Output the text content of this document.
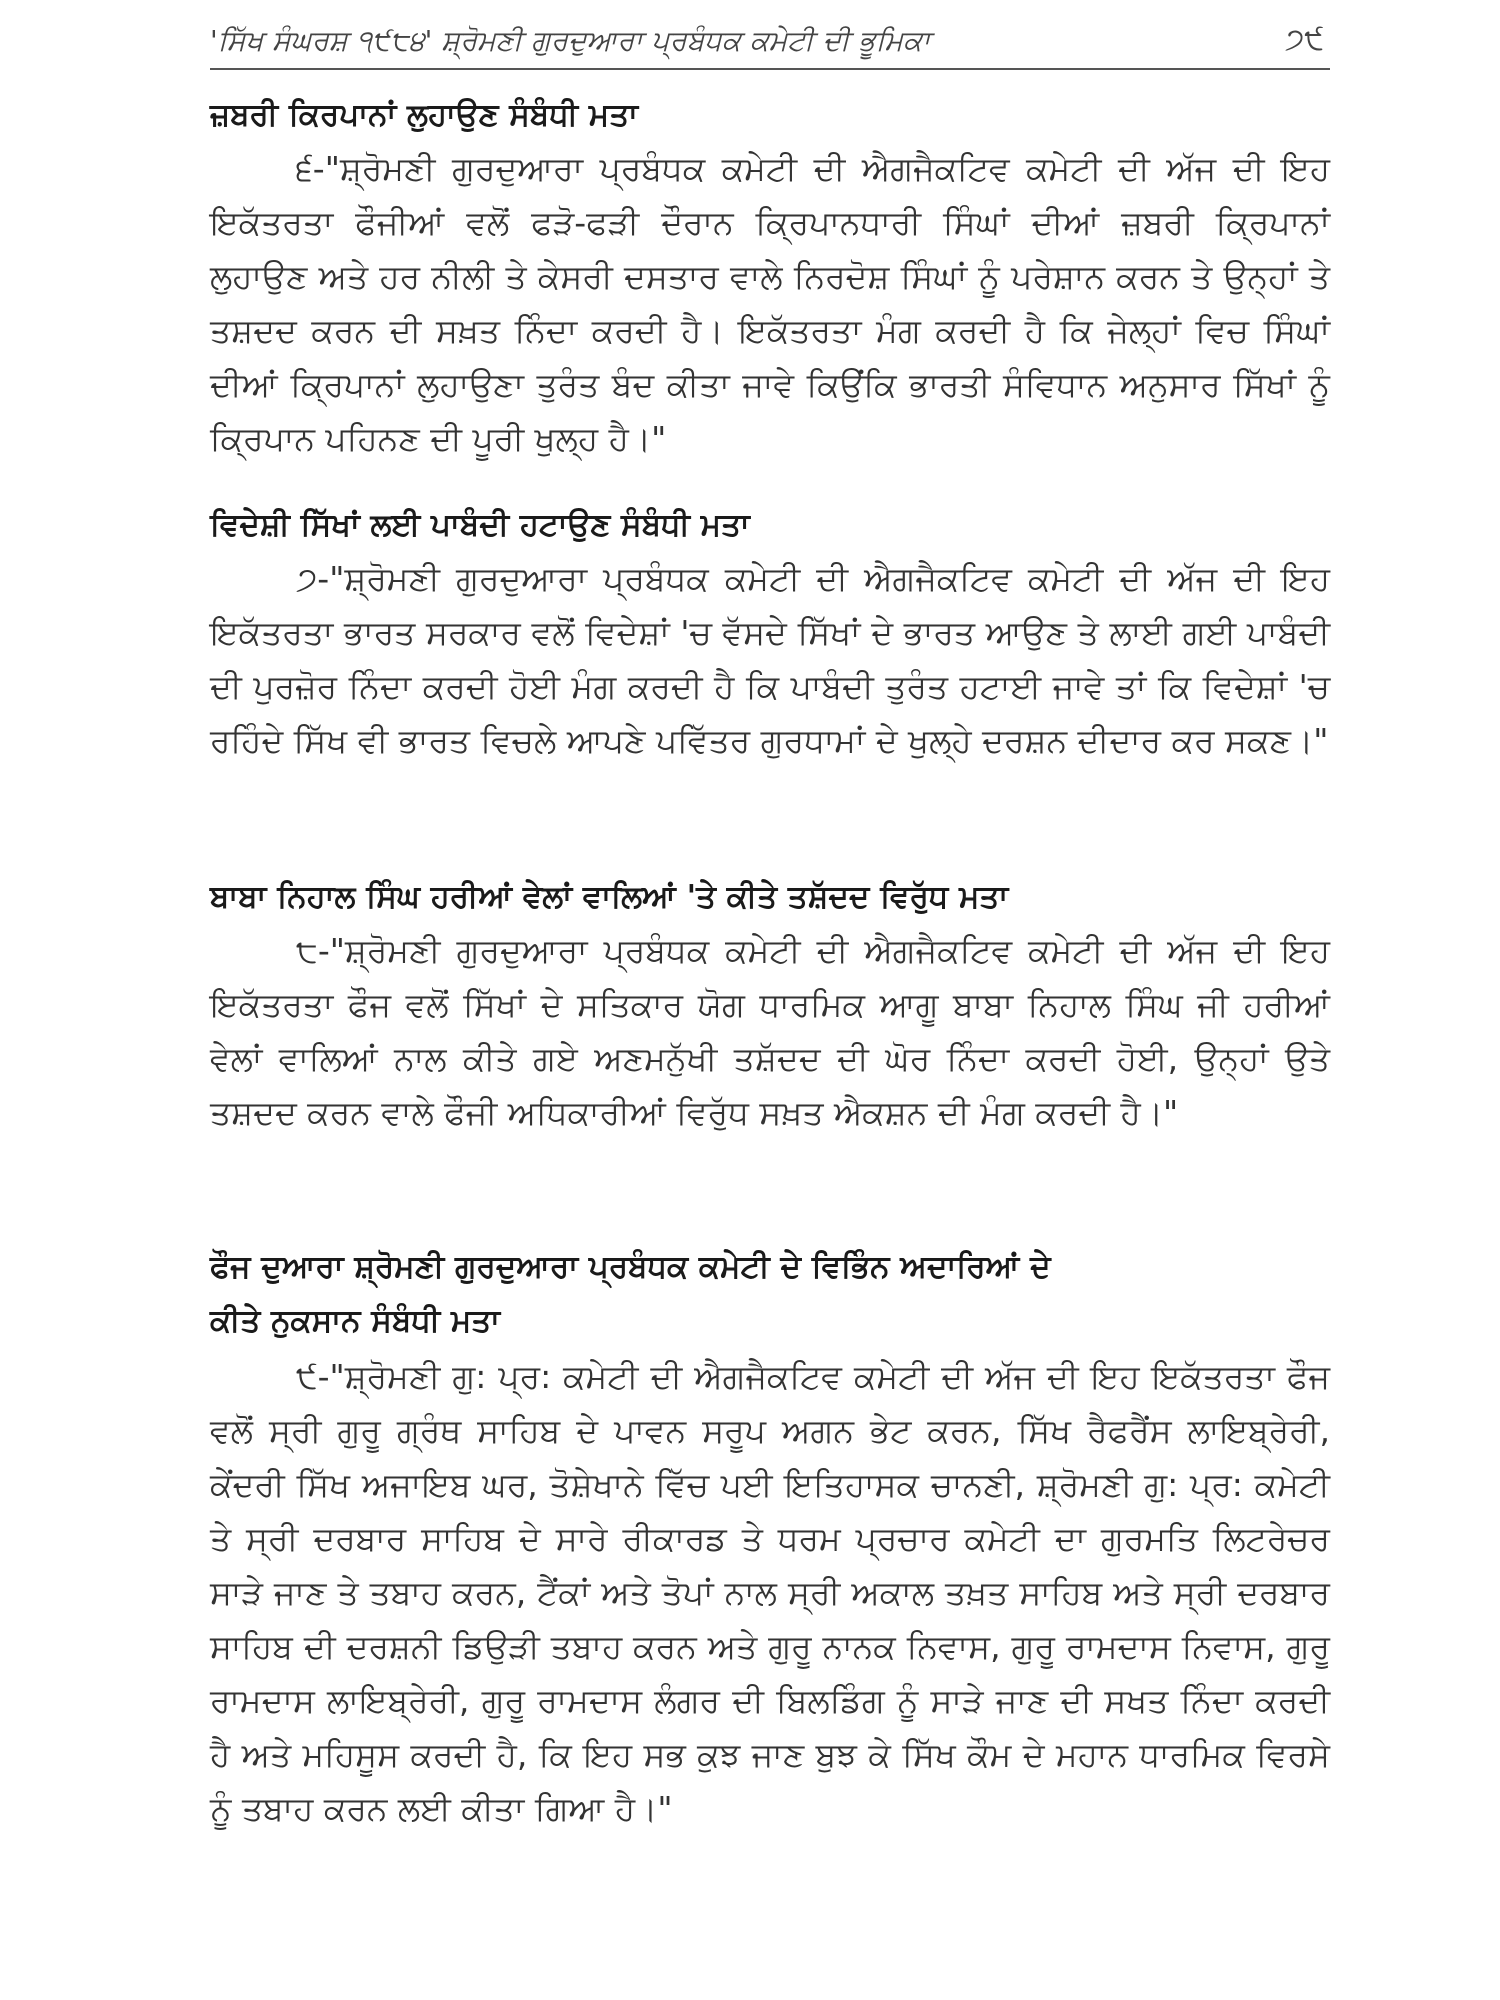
'ਸਿੱਖ ਸੰਘਰਸ਼ ੧੯੮੪' ਸ਼੍ਰੋਮਣੀ ਗੁਰਦੁਆਰਾ ਪ੍ਰਬੰਧਕ ਕਮੇਟੀ ਦੀ ਭੂਮਿਕਾ	੭੯
ਜ਼ਬਰੀ ਕਿਰਪਾਨਾਂ ਲੁਹਾਉਣ ਸੰਬੰਧੀ ਮਤਾ
੬-"ਸ਼੍ਰੋਮਣੀ ਗੁਰਦੁਆਰਾ ਪ੍ਰਬੰਧਕ ਕਮੇਟੀ ਦੀ ਐਗਜੈਕਟਿਵ ਕਮੇਟੀ ਦੀ ਅੱਜ ਦੀ ਇਹ ਇਕੱਤਰਤਾ ਫੌਜੀਆਂ ਵਲੋਂ ਫੜੋ-ਫੜੀ ਦੌਰਾਨ ਕ੍ਰਿਪਾਨਧਾਰੀ ਸਿੰਘਾਂ ਦੀਆਂ ਜ਼ਬਰੀ ਕ੍ਰਿਪਾਨਾਂ ਲੁਹਾਉਣ ਅਤੇ ਹਰ ਨੀਲੀ ਤੇ ਕੇਸਰੀ ਦਸਤਾਰ ਵਾਲੇ ਨਿਰਦੋਸ਼ ਸਿੰਘਾਂ ਨੂੰ ਪਰੇਸ਼ਾਨ ਕਰਨ ਤੇ ਉਨ੍ਹਾਂ ਤੇ ਤਸ਼ਦਦ ਕਰਨ ਦੀ ਸਖ਼ਤ ਨਿੰਦਾ ਕਰਦੀ ਹੈ। ਇਕੱਤਰਤਾ ਮੰਗ ਕਰਦੀ ਹੈ ਕਿ ਜੇਲ੍ਹਾਂ ਵਿਚ ਸਿੰਘਾਂ ਦੀਆਂ ਕ੍ਰਿਪਾਨਾਂ ਲੁਹਾਉਣਾ ਤੁਰੰਤ ਬੰਦ ਕੀਤਾ ਜਾਵੇ ਕਿਉਂਕਿ ਭਾਰਤੀ ਸੰਵਿਧਾਨ ਅਨੁਸਾਰ ਸਿੱਖਾਂ ਨੂੰ ਕ੍ਰਿਪਾਨ ਪਹਿਨਣ ਦੀ ਪੂਰੀ ਖੁਲ੍ਹ ਹੈ।"
ਵਿਦੇਸ਼ੀ ਸਿੱਖਾਂ ਲਈ ਪਾਬੰਦੀ ਹਟਾਉਣ ਸੰਬੰਧੀ ਮਤਾ
੭-"ਸ਼੍ਰੋਮਣੀ ਗੁਰਦੁਆਰਾ ਪ੍ਰਬੰਧਕ ਕਮੇਟੀ ਦੀ ਐਗਜੈਕਟਿਵ ਕਮੇਟੀ ਦੀ ਅੱਜ ਦੀ ਇਹ ਇਕੱਤਰਤਾ ਭਾਰਤ ਸਰਕਾਰ ਵਲੋਂ ਵਿਦੇਸ਼ਾਂ 'ਚ ਵੱਸਦੇ ਸਿੱਖਾਂ ਦੇ ਭਾਰਤ ਆਉਣ ਤੇ ਲਾਈ ਗਈ ਪਾਬੰਦੀ ਦੀ ਪੁਰਜ਼ੋਰ ਨਿੰਦਾ ਕਰਦੀ ਹੋਈ ਮੰਗ ਕਰਦੀ ਹੈ ਕਿ ਪਾਬੰਦੀ ਤੁਰੰਤ ਹਟਾਈ ਜਾਵੇ ਤਾਂ ਕਿ ਵਿਦੇਸ਼ਾਂ 'ਚ ਰਹਿੰਦੇ ਸਿੱਖ ਵੀ ਭਾਰਤ ਵਿਚਲੇ ਆਪਣੇ ਪਵਿੱਤਰ ਗੁਰਧਾਮਾਂ ਦੇ ਖੁਲ੍ਹੇ ਦਰਸ਼ਨ ਦੀਦਾਰ ਕਰ ਸਕਣ।"
ਬਾਬਾ ਨਿਹਾਲ ਸਿੰਘ ਹਰੀਆਂ ਵੇਲਾਂ ਵਾਲਿਆਂ 'ਤੇ ਕੀਤੇ ਤਸ਼ੱਦਦ ਵਿਰੁੱਧ ਮਤਾ
੮-"ਸ਼੍ਰੋਮਣੀ ਗੁਰਦੁਆਰਾ ਪ੍ਰਬੰਧਕ ਕਮੇਟੀ ਦੀ ਐਗਜੈਕਟਿਵ ਕਮੇਟੀ ਦੀ ਅੱਜ ਦੀ ਇਹ ਇਕੱਤਰਤਾ ਫੌਜ ਵਲੋਂ ਸਿੱਖਾਂ ਦੇ ਸਤਿਕਾਰ ਯੋਗ ਧਾਰਮਿਕ ਆਗੂ ਬਾਬਾ ਨਿਹਾਲ ਸਿੰਘ ਜੀ ਹਰੀਆਂ ਵੇਲਾਂ ਵਾਲਿਆਂ ਨਾਲ ਕੀਤੇ ਗਏ ਅਣਮਨੁੱਖੀ ਤਸ਼ੱਦਦ ਦੀ ਘੋਰ ਨਿੰਦਾ ਕਰਦੀ ਹੋਈ, ਉਨ੍ਹਾਂ ਉਤੇ ਤਸ਼ਦਦ ਕਰਨ ਵਾਲੇ ਫੌਜੀ ਅਧਿਕਾਰੀਆਂ ਵਿਰੁੱਧ ਸਖ਼ਤ ਐਕਸ਼ਨ ਦੀ ਮੰਗ ਕਰਦੀ ਹੈ।"
ਫੌਜ ਦੁਆਰਾ ਸ਼੍ਰੋਮਣੀ ਗੁਰਦੁਆਰਾ ਪ੍ਰਬੰਧਕ ਕਮੇਟੀ ਦੇ ਵਿਭਿੰਨ ਅਦਾਰਿਆਂ ਦੇ
ਕੀਤੇ ਨੁਕਸਾਨ ਸੰਬੰਧੀ ਮਤਾ
੯-"ਸ਼੍ਰੋਮਣੀ ਗੁ: ਪ੍ਰ: ਕਮੇਟੀ ਦੀ ਐਗਜੈਕਟਿਵ ਕਮੇਟੀ ਦੀ ਅੱਜ ਦੀ ਇਹ ਇਕੱਤਰਤਾ ਫੌਜ ਵਲੋਂ ਸ੍ਰੀ ਗੁਰੂ ਗ੍ਰੰਥ ਸਾਹਿਬ ਦੇ ਪਾਵਨ ਸਰੂਪ ਅਗਨ ਭੇਟ ਕਰਨ, ਸਿੱਖ ਰੈਫਰੈਂਸ ਲਾਇਬ੍ਰੇਰੀ, ਕੇਂਦਰੀ ਸਿੱਖ ਅਜਾਇਬ ਘਰ, ਤੋਸ਼ੇਖਾਨੇ ਵਿੱਚ ਪਈ ਇਤਿਹਾਸਕ ਚਾਨਣੀ, ਸ਼੍ਰੋਮਣੀ ਗੁ: ਪ੍ਰ: ਕਮੇਟੀ ਤੇ ਸ੍ਰੀ ਦਰਬਾਰ ਸਾਹਿਬ ਦੇ ਸਾਰੇ ਰੀਕਾਰਡ ਤੇ ਧਰਮ ਪ੍ਰਚਾਰ ਕਮੇਟੀ ਦਾ ਗੁਰਮਤਿ ਲਿਟਰੇਚਰ ਸਾੜੇ ਜਾਣ ਤੇ ਤਬਾਹ ਕਰਨ, ਟੈਂਕਾਂ ਅਤੇ ਤੋਪਾਂ ਨਾਲ ਸ੍ਰੀ ਅਕਾਲ ਤਖ਼ਤ ਸਾਹਿਬ ਅਤੇ ਸ੍ਰੀ ਦਰਬਾਰ ਸਾਹਿਬ ਦੀ ਦਰਸ਼ਨੀ ਡਿਉੜੀ ਤਬਾਹ ਕਰਨ ਅਤੇ ਗੁਰੂ ਨਾਨਕ ਨਿਵਾਸ, ਗੁਰੂ ਰਾਮਦਾਸ ਨਿਵਾਸ, ਗੁਰੂ ਰਾਮਦਾਸ ਲਾਇਬ੍ਰੇਰੀ, ਗੁਰੂ ਰਾਮਦਾਸ ਲੰਗਰ ਦੀ ਬਿਲਡਿੰਗ ਨੂੰ ਸਾੜੇ ਜਾਣ ਦੀ ਸਖਤ ਨਿੰਦਾ ਕਰਦੀ ਹੈ ਅਤੇ ਮਹਿਸੂਸ ਕਰਦੀ ਹੈ, ਕਿ ਇਹ ਸਭ ਕੁਝ ਜਾਣ ਬੁਝ ਕੇ ਸਿੱਖ ਕੌਮ ਦੇ ਮਹਾਨ ਧਾਰਮਿਕ ਵਿਰਸੇ ਨੂੰ ਤਬਾਹ ਕਰਨ ਲਈ ਕੀਤਾ ਗਿਆ ਹੈ।"
